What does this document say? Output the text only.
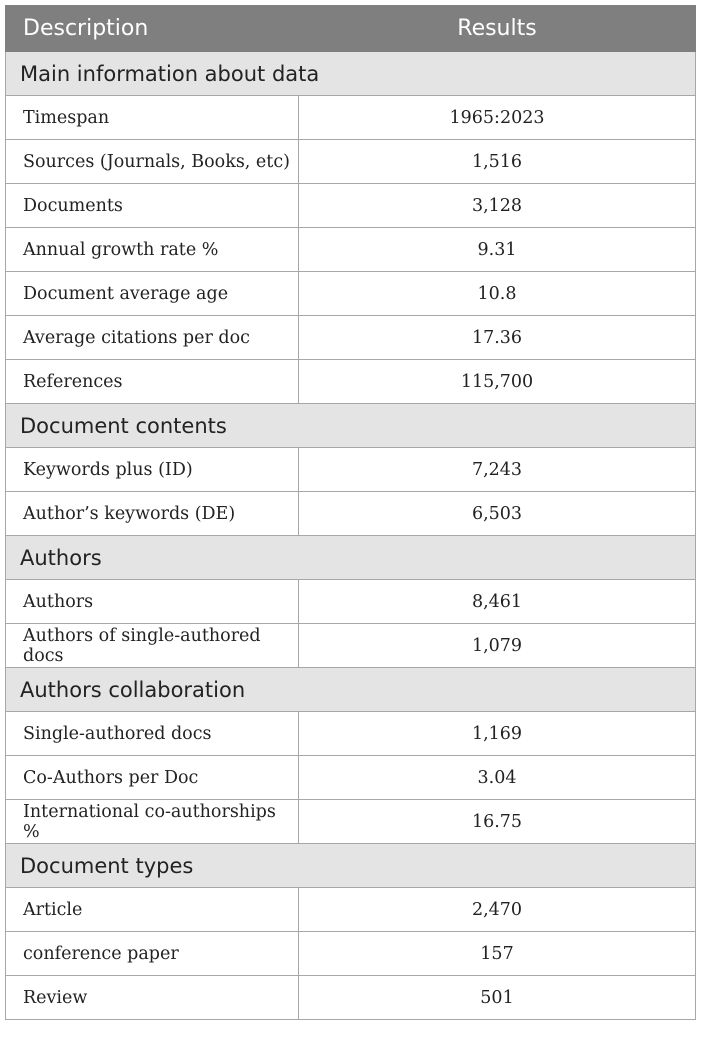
Description	Results
Main information about data	
Timespan	1965:2023
Sources (Journals, Books, etc)	1,516
Documents	3,128
Annual growth rate %	9.31
Document average age	10.8
Average citations per doc	17.36
References	115,700
Document contents	
Keywords plus (ID)	7,243
Author’s keywords (DE)	6,503
Authors	
Authors	8,461
Authors of single-authored docs	1,079
Authors collaboration	
Single-authored docs	1,169
Co-Authors per Doc	3.04
International co-authorships %	16.75
Document types	
Article	2,470
conference paper	157
Review	501
